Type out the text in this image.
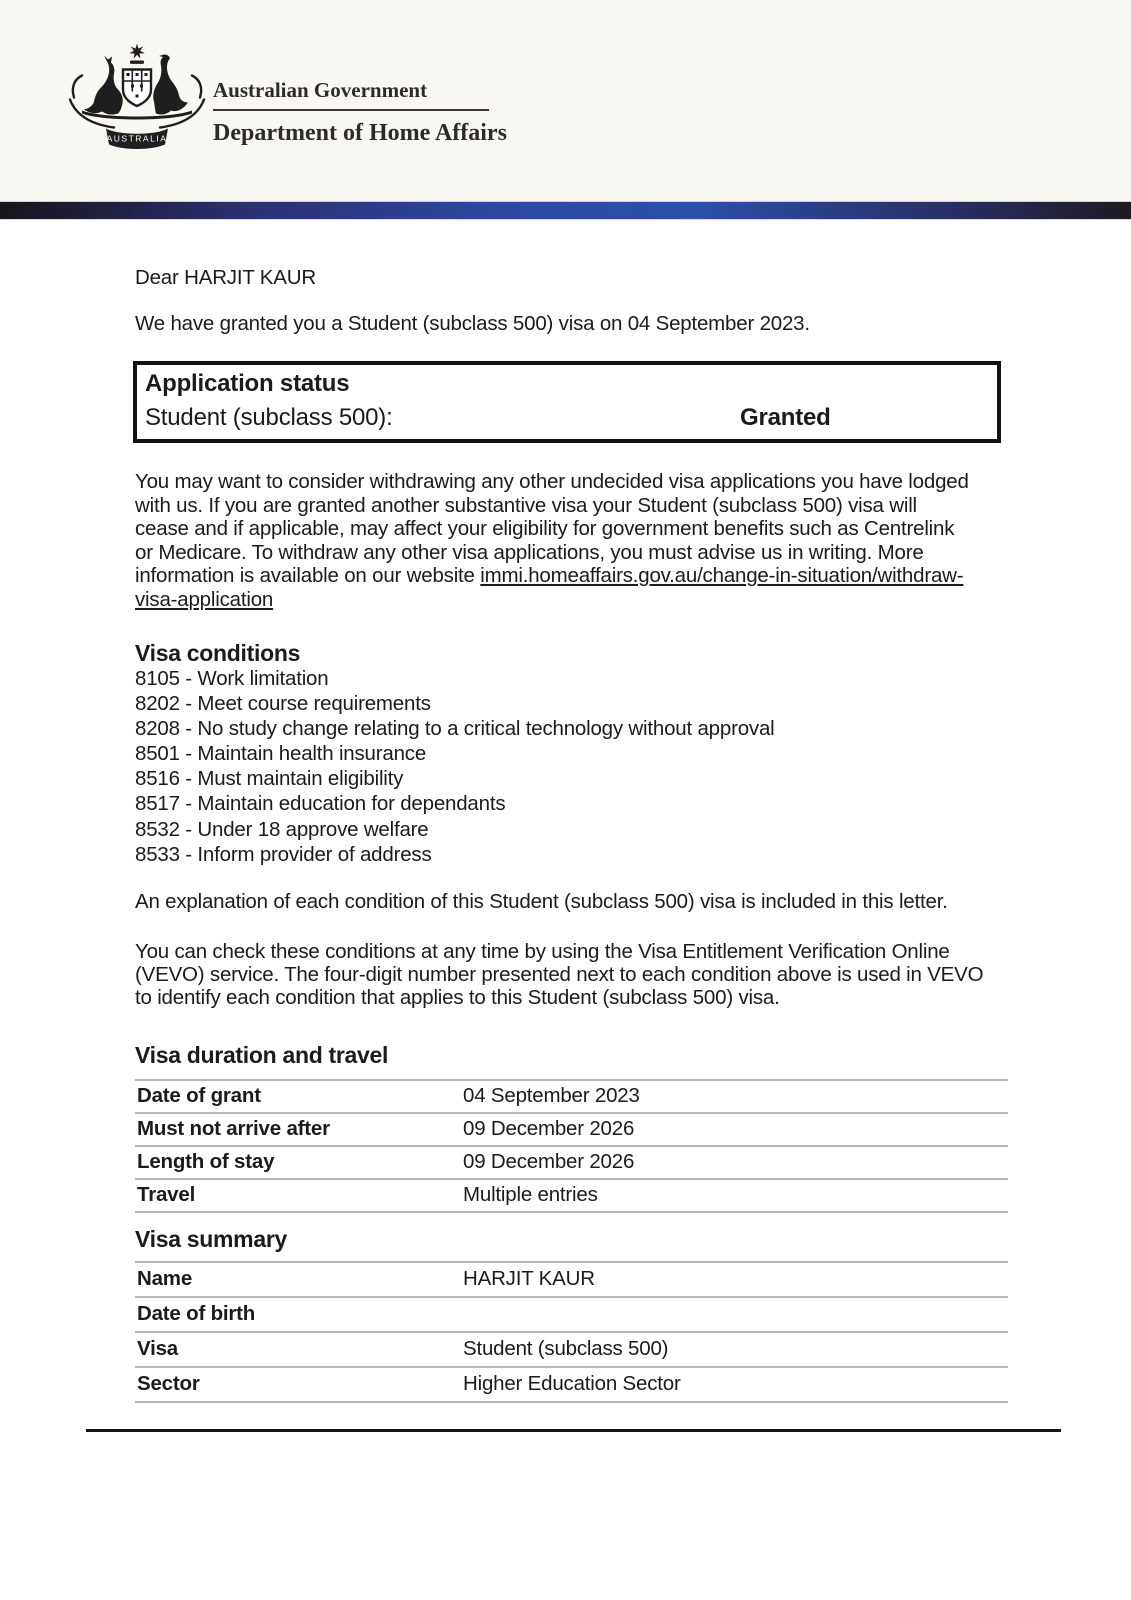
AUSTRALIA
Australian Government
Department of Home Affairs
Dear HARJIT KAUR
We have granted you a Student (subclass 500) visa on 04 September 2023.
Application status
Student (subclass 500):	Granted
You may want to consider withdrawing any other undecided visa applications you have lodged with us. If you are granted another substantive visa your Student (subclass 500) visa will cease and if applicable, may affect your eligibility for government benefits such as Centrelink or Medicare. To withdraw any other visa applications, you must advise us in writing. More information is available on our website immi.homeaffairs.gov.au/change-in-situation/withdraw-visa-application
Visa conditions
8105 - Work limitation
8202 - Meet course requirements
8208 - No study change relating to a critical technology without approval
8501 - Maintain health insurance
8516 - Must maintain eligibility
8517 - Maintain education for dependants
8532 - Under 18 approve welfare
8533 - Inform provider of address
An explanation of each condition of this Student (subclass 500) visa is included in this letter.
You can check these conditions at any time by using the Visa Entitlement Verification Online (VEVO) service. The four-digit number presented next to each condition above is used in VEVO to identify each condition that applies to this Student (subclass 500) visa.
Visa duration and travel
Date of grant	04 September 2023
Must not arrive after	09 December 2026
Length of stay	09 December 2026
Travel	Multiple entries
Visa summary
Name	HARJIT KAUR
Date of birth
Visa	Student (subclass 500)
Sector	Higher Education Sector
